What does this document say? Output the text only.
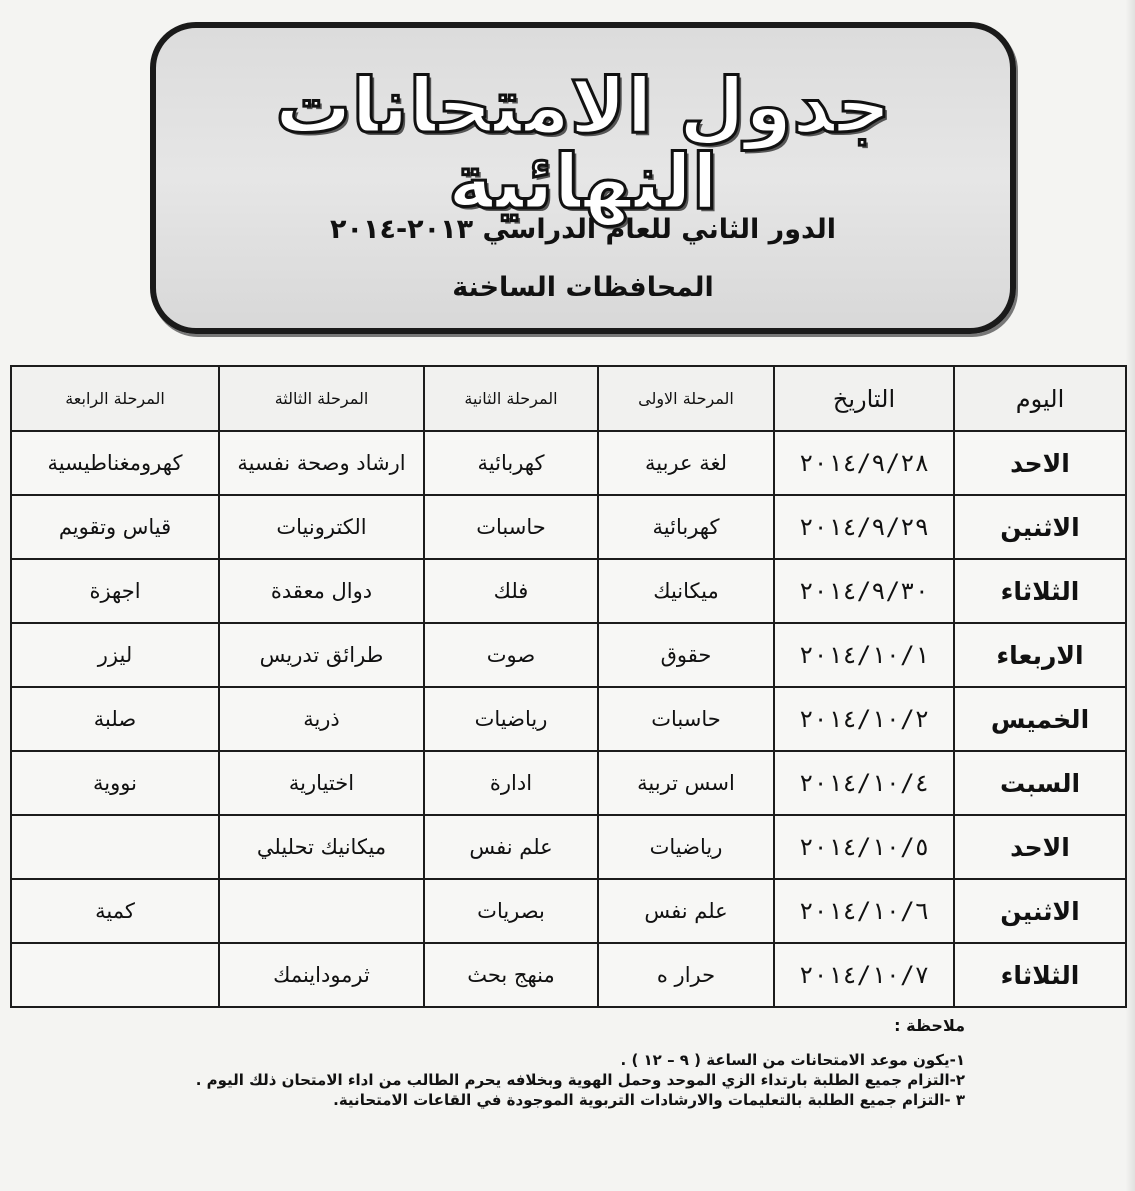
جدول الامتحانات النهائية
الدور الثاني للعام الدراسي ٢٠١٣-٢٠١٤
المحافظات الساخنة
اليوم	التاريخ	المرحلة الاولى	المرحلة الثانية	المرحلة الثالثة	المرحلة الرابعة
الاحد	٢٠١٤/٩/٢٨	لغة عربية	كهربائية	ارشاد وصحة نفسية	كهرومغناطيسية
الاثنين	٢٠١٤/٩/٢٩	كهربائية	حاسبات	الكترونيات	قياس وتقويم
الثلاثاء	٢٠١٤/٩/٣٠	ميكانيك	فلك	دوال معقدة	اجهزة
الاربعاء	٢٠١٤/١٠/١	حقوق	صوت	طرائق تدريس	ليزر
الخميس	٢٠١٤/١٠/٢	حاسبات	رياضيات	ذرية	صلبة
السبت	٢٠١٤/١٠/٤	اسس تربية	ادارة	اختيارية	نووية
الاحد	٢٠١٤/١٠/٥	رياضيات	علم نفس	ميكانيك تحليلي	
الاثنين	٢٠١٤/١٠/٦	علم نفس	بصريات		كمية
الثلاثاء	٢٠١٤/١٠/٧	حرار ه	منهج بحث	ثرموداينمك	
ملاحظة :

١-يكون موعد الامتحانات من الساعة ( ٩ – ١٢ ) .

٢-التزام جميع الطلبة بارتداء الزي الموحد وحمل الهوية وبخلافه يحرم الطالب من اداء الامتحان ذلك اليوم .

٣ -التزام جميع الطلبة بالتعليمات والارشادات التربوية الموجودة في القاعات الامتحانية.
